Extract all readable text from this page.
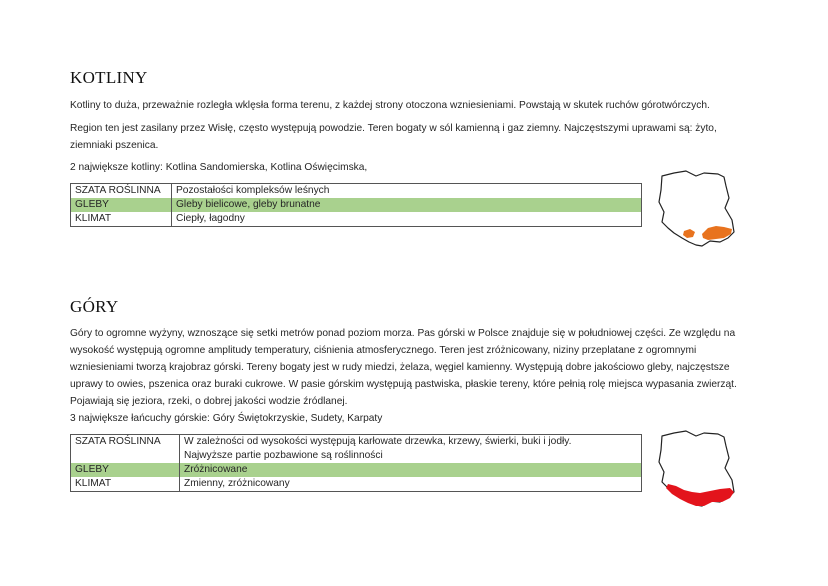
KOTLINY

Kotliny to duża, przeważnie rozległa wklęsła forma terenu, z każdej strony otoczona wzniesieniami. Powstają w skutek ruchów górotwórczych.

Region ten jest zasilany przez Wisłę, często występują powodzie. Teren bogaty w sól kamienną i gaz ziemny. Najczęstszymi uprawami są: żyto, ziemniaki pszenica.

2 największe kotliny: Kotlina Sandomierska, Kotlina Oświęcimska,

SZATA ROŚLINNA	Pozostałości kompleksów leśnych
GLEBY	Gleby bielicowe, gleby brunatne
KLIMAT	Ciepły, łagodny
GÓRY

Góry to ogromne wyżyny, wznoszące się setki metrów ponad poziom morza. Pas górski w Polsce znajduje się w południowej części. Ze względu na wysokość występują ogromne amplitudy temperatury, ciśnienia atmosferycznego. Teren jest zróżnicowany, niziny przeplatane z ogromnymi wzniesieniami tworzą krajobraz górski. Tereny bogaty jest w rudy miedzi, żelaza, węgiel kamienny. Występują dobre jakościowo gleby, najczęstsze uprawy to owies, pszenica oraz buraki cukrowe. W pasie górskim występują pastwiska, płaskie tereny, które pełnią rolę miejsca wypasania zwierząt. Pojawiają się jeziora, rzeki, o dobrej jakości wodzie źródlanej.

3 największe łańcuchy górskie: Góry Świętokrzyskie, Sudety, Karpaty

SZATA ROŚLINNA	W zależności od wysokości występują karłowate drzewka, krzewy, świerki, buki i jodły. Najwyższe partie pozbawione są roślinności
GLEBY	Zróżnicowane
KLIMAT	Zmienny, zróżnicowany
